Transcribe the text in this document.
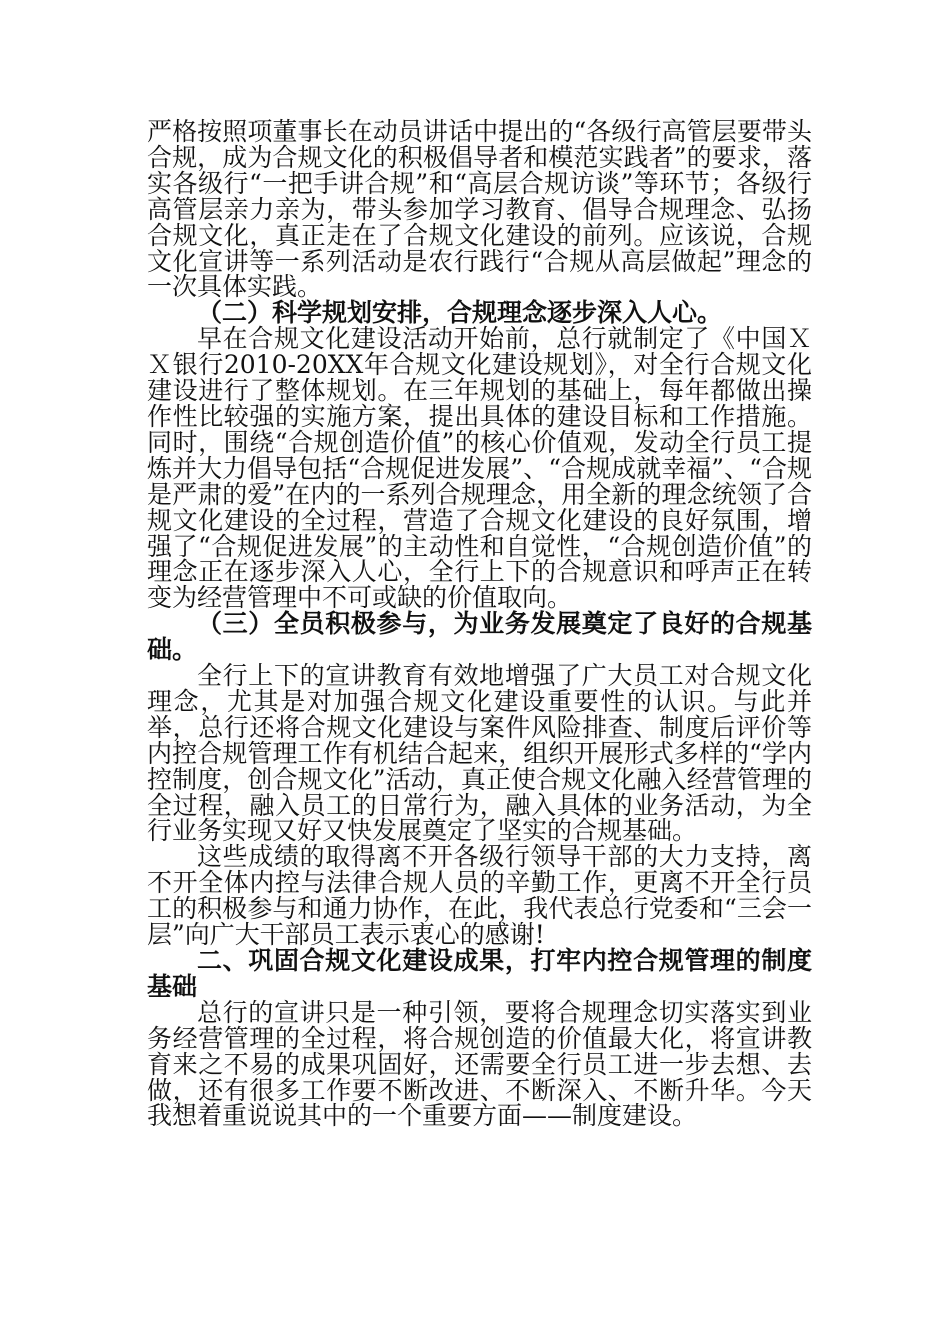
严格按照项董事长在动员讲话中提出的“各级行高管层要带头合规，成为合规文化的积极倡导者和模范实践者”的要求，落实各级行“一把手讲合规”和“高层合规访谈”等环节；各级行高管层亲力亲为，带头参加学习教育、倡导合规理念、弘扬合规文化，真正走在了合规文化建设的前列。应该说，合规文化宣讲等一系列活动是农行践行“合规从高层做起”理念的一次具体实践。

（二）科学规划安排，合规理念逐步深入人心。

早在合规文化建设活动开始前，总行就制定了《中国ＸＸ银行2010-20XX年合规文化建设规划》，对全行合规文化建设进行了整体规划。在三年规划的基础上，每年都做出操作性比较强的实施方案，提出具体的建设目标和工作措施。同时，围绕“合规创造价值”的核心价值观，发动全行员工提炼并大力倡导包括“合规促进发展”、“合规成就幸福”、“合规是严肃的爱”在内的一系列合规理念，用全新的理念统领了合规文化建设的全过程，营造了合规文化建设的良好氛围，增强了“合规促进发展”的主动性和自觉性，“合规创造价值”的理念正在逐步深入人心，全行上下的合规意识和呼声正在转变为经营管理中不可或缺的价值取向。

（三）全员积极参与，为业务发展奠定了良好的合规基础。

全行上下的宣讲教育有效地增强了广大员工对合规文化理念，尤其是对加强合规文化建设重要性的认识。与此并举，总行还将合规文化建设与案件风险排查、制度后评价等内控合规管理工作有机结合起来，组织开展形式多样的“学内控制度，创合规文化”活动，真正使合规文化融入经营管理的全过程，融入员工的日常行为，融入具体的业务活动，为全行业务实现又好又快发展奠定了坚实的合规基础。

这些成绩的取得离不开各级行领导干部的大力支持，离不开全体内控与法律合规人员的辛勤工作，更离不开全行员工的积极参与和通力协作，在此，我代表总行党委和“三会一层”向广大干部员工表示衷心的感谢!

二、巩固合规文化建设成果，打牢内控合规管理的制度基础

总行的宣讲只是一种引领，要将合规理念切实落实到业务经营管理的全过程，将合规创造的价值最大化，将宣讲教育来之不易的成果巩固好，还需要全行员工进一步去想、去做，还有很多工作要不断改进、不断深入、不断升华。今天我想着重说说其中的一个重要方面——制度建设。
